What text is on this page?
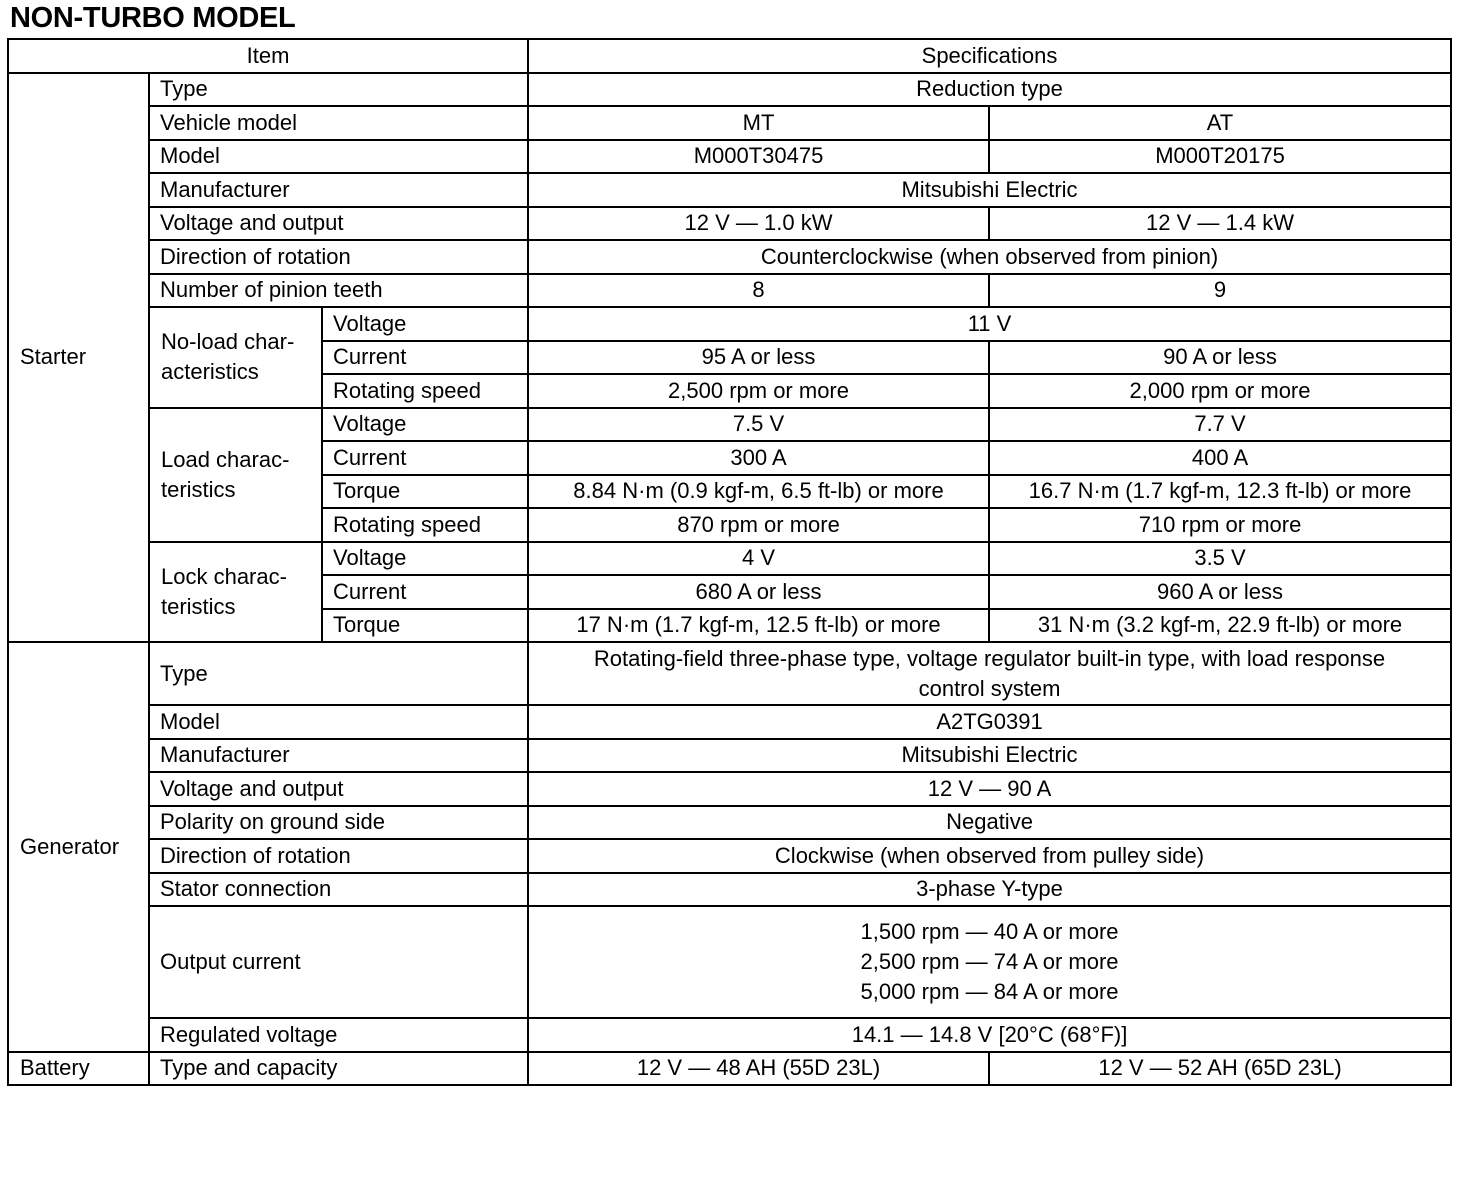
NON-TURBO MODEL
Item			Specifications	
Starter	Type		Reduction type	
	Vehicle model		MT	AT
	Model		M000T30475	M000T20175
	Manufacturer		Mitsubishi Electric	
	Voltage and output		12 V — 1.0 kW	12 V — 1.4 kW
	Direction of rotation		Counterclockwise (when observed from pinion)	
	Number of pinion teeth		8	9

	No-load char-
acteristics	Voltage	11 V	
		Current	95 A or less	90 A or less
		Rotating speed	2,500 rpm or more	2,000 rpm or more

	Load charac-
teristics	Voltage	7.5 V	7.7 V
		Current	300 A	400 A
		Torque	8.84 N·m (0.9 kgf-m, 6.5 ft-lb) or more	16.7 N·m (1.7 kgf-m, 12.3 ft-lb) or more
		Rotating speed	870 rpm or more	710 rpm or more

	Lock charac-
teristics	Voltage	4 V	3.5 V
		Current	680 A or less	960 A or less
		Torque	17 N·m (1.7 kgf-m, 12.5 ft-lb) or more	31 N·m (3.2 kgf-m, 22.9 ft-lb) or more
Generator	Type		Rotating-field three-phase type, voltage regulator built-in type, with load response
control system	

	Model		A2TG0391	
	Manufacturer		Mitsubishi Electric	
	Voltage and output		12 V — 90 A	
	Polarity on ground side		Negative	
	Direction of rotation		Clockwise (when observed from pulley side)	
	Stator connection		3-phase Y-type	
	Output current		1,500 rpm — 40 A or more
2,500 rpm — 74 A or more
5,000 rpm — 84 A or more	

	Regulated voltage		14.1 — 14.8 V [20°C (68°F)]	
Battery	Type and capacity		12 V — 48 AH (55D 23L)	12 V — 52 AH (65D 23L)
